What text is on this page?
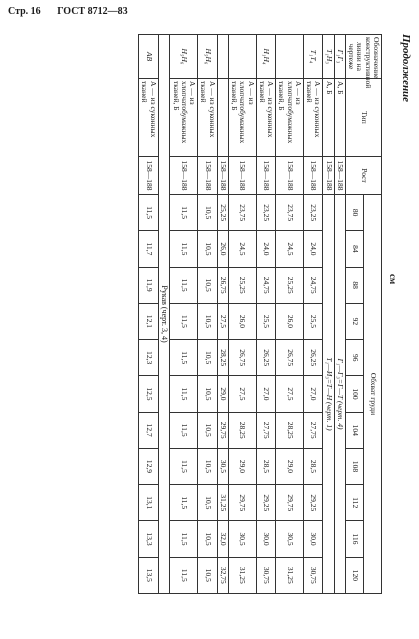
Стр. 16 ГОСТ 8712—83
Продолжение
см
Обозначение конструктивной линии на чертеже	Тип	Рост	Обхват груди										
			80	84	88	92	96	100	104	108	112	116	120
Г₁Г₃	А, Б	158—188	Г₁—Г₃=Г—Т (черт. 4)										
Т₁Н₃	А, Б	158—188	Т₁—И₃=Т—Н (черт. 1)										
Т₁Т₄	А — из суконных тканей	158—188	23,25	24,0	24,75	25,5	26,25	27,0	27,75	28,5	29,25	30,0	30,75
	А — из хлопчатобумажных тканей, Б	158—188	23,75	24,5	25,25	26,0	26,75	27,5	28,25	29,0	29,75	30,5	31,25
Н₁Н₄	А — из суконных тканей	158—188	23,25	24,0	24,75	25,5	26,25	27,0	27,75	28,5	29,25	30,0	30,75
	А — из хлопчатобумажных тканей, Б	158—188	23,75	24,5	25,25	26,0	26,75	27,5	28,25	29,0	29,75	30,5	31,25
		158—188	25,25	26,0	26,75	27,5	28,25	29,0	29,75	30,5	31,25	32,0	32,75
Н₅Н₆	А — из суконных тканей	158—188	10,5	10,5	10,5	10,5	10,5	10,5	10,5	10,5	10,5	10,5	10,5
Н₅Н₆	А — из хлопчатобумажных тканей, Б	158—188	11,5	11,5	11,5	11,5	11,5	11,5	11,5	11,5	11,5	11,5	11,5
Рукав (черт. 3, 4)													
АВ	А — из суконных тканей	158—188	11,5	11,7	11,9	12,1	12,3	12,5	12,7	12,9	13,1	13,3	13,5
